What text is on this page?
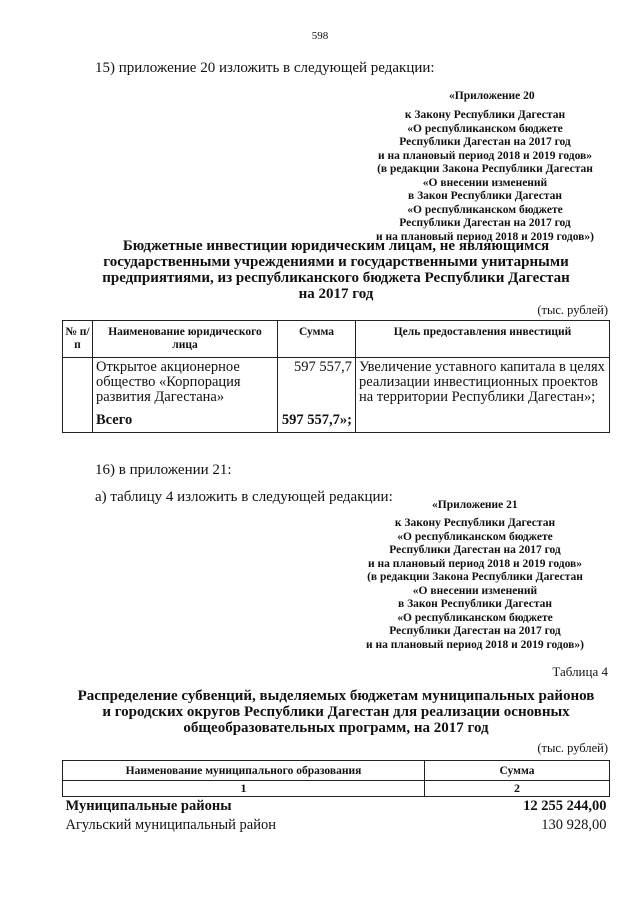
598
15) приложение 20 изложить в следующей редакции:
«Приложение 20
к Закону Республики Дагестан
«О республиканском бюджете
Республики Дагестан на 2017 год
и на плановый период 2018 и 2019 годов»
(в редакции Закона Республики Дагестан
«О внесении изменений
в Закон Республики Дагестан
«О республиканском бюджете
Республики Дагестан на 2017 год
и на плановый период 2018 и 2019 годов»)
Бюджетные инвестиции юридическим лицам, не являющимся
государственными учреждениями и государственными унитарными
предприятиями, из республиканского бюджета Республики Дагестан
на 2017 год
(тыс. рублей)
№ п/п	Наименование юридического лица	Сумма	Цель предоставления инвестиций
	Открытое акционерное общество «Корпорация развития Дагестана»	597 557,7	Увеличение уставного капитала в целях реализации инвестиционных проектов на территории Республики Дагестан»;
	Всего	597 557,7»;	
16) в приложении 21:
а) таблицу 4 изложить в следующей редакции:	«Приложение 21
к Закону Республики Дагестан
«О республиканском бюджете
Республики Дагестан на 2017 год
и на плановый период 2018 и 2019 годов»
(в редакции Закона Республики Дагестан
«О внесении изменений
в Закон Республики Дагестан
«О республиканском бюджете
Республики Дагестан на 2017 год
и на плановый период 2018 и 2019 годов»)
Таблица 4
Распределение субвенций, выделяемых бюджетам муниципальных районов
и городских округов Республики Дагестан для реализации основных
общеобразовательных программ, на 2017 год
(тыс. рублей)
Наименование муниципального образования	Сумма
1	2
Муниципальные районы	12 255 244,00
Агульский муниципальный район	130 928,00
